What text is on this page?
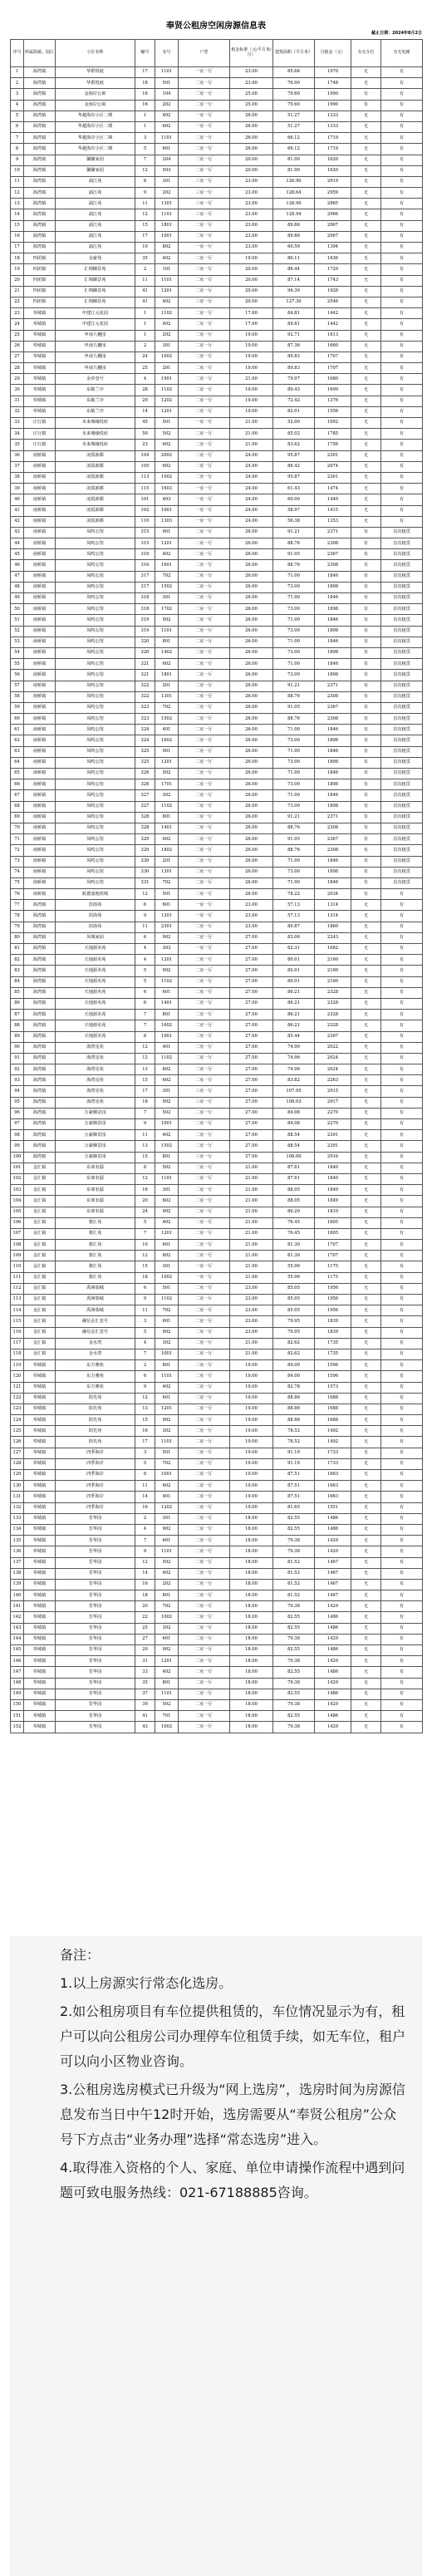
奉贤公租房空闲房源信息表
截止日期：2024年8月2日
序号	所属街镇、园区	小区名称	幢号	室号	户型	租金标准（元/平方米/月）	建筑面积（平方米）	月租金（元）	有无车位	有无电梯
1	海湾镇	华群悦庭	17	1101	一室一厅	23.00	85.68	1970	无	有
2	海湾镇	华群悦庭	18	501	二室一厅	23.00	76.00	1748	无	有
3	海湾镇	金海岸公寓	16	104	二室一厅	25.00	79.60	1990	有	有
4	海湾镇	金海岸公寓	16	202	二室一厅	25.00	79.60	1990	有	有
5	海湾镇	华越海岸小区二期	1	402	一室一厅	26.00	51.27	1333	无	有
6	海湾镇	华越海岸小区二期	1	602	一室一厅	26.00	51.27	1333	无	有
7	海湾镇	华越海岸小区二期	3	1101	二室一厅	26.00	66.12	1719	无	有
8	海湾镇	华越海岸小区二期	5	601	二室一厅	26.00	66.12	1719	无	有
9	海湾镇	馨馨家园	7	204	二室一厅	20.00	81.00	1620	无	有
10	海湾镇	馨馨家园	12	503	二室一厅	20.00	81.00	1620	无	有
11	海湾镇	浦江苑	8	301	三室一厅	23.00	126.90	2919	无	有
12	海湾镇	浦江苑	9	202	三室一厅	23.00	128.64	2959	无	有
13	海湾镇	浦江苑	11	1301	三室一厅	23.00	128.90	2965	无	有
14	海湾镇	浦江苑	12	1101	三室一厅	23.00	128.94	2966	无	有
15	海湾镇	浦江苑	15	1801	二室一厅	23.00	89.86	2067	无	有
16	海湾镇	浦江苑	17	1001	二室一厅	23.00	89.86	2067	无	有
17	海湾镇	浦江苑	19	802	一室一厅	23.00	60.59	1394	无	有
18	四团镇	金豪苑	35	402	二室一厅	19.00	86.11	1636	无	有
19	四团镇	汇锦御景苑	2	101	二室一厅	20.00	86.44	1729	无	有
20	四团镇	汇锦御景苑	11	1101	二室一厅	20.00	87.14	1743	无	有
21	四团镇	汇锦御景苑	41	1201	二室一厅	20.00	96.39	1928	无	有
22	四团镇	汇锦御景苑	41	402	三室一厅	20.00	127.30	2546	无	有
23	奉城镇	申建江元花园	1	1102	二室一厅	17.00	84.81	1442	无	有
24	奉城镇	申建江元花园	1	402	二室一厅	17.00	84.81	1442	无	有
25	奉城镇	申南九樾园	1	202	二室一厅	19.00	92.71	1613	无	有
26	奉城镇	申南九樾园	2	301	二室一厅	19.00	87.36	1660	无	有
27	奉城镇	申南九樾园	24	1002	二室一厅	19.00	89.83	1707	无	有
28	奉城镇	申南九樾园	25	201	二室一厅	19.00	89.83	1707	无	有
29	奉城镇	金帝壹号	4	1901	二室一厅	21.00	79.97	1680	无	有
30	奉城镇	东敏兰亭	28	1102	二室一厅	19.00	89.43	1699	无	有
31	奉城镇	东敏兰亭	29	1202	二室一厅	19.00	72.42	1376	无	有
32	奉城镇	东敏兰亭	14	1201	二室一厅	19.00	82.01	1558	无	有
33	庄行镇	未来城缘悦府	45	501	一室一厅	21.00	52.00	1092	无	有
34	庄行镇	未来城缘悦府	50	502	二室一厅	21.00	85.02	1785	无	有
35	庄行镇	未来城缘悦府	23	602	二室一厅	21.00	83.62	1756	无	有
36	南桥镇	凌霞新都	104	2002	二室一厅	24.00	95.87	2301	无	有
37	南桥镇	凌霞新都	105	602	二室一厅	24.00	86.42	2074	无	有
38	南桥镇	凌霞新都	113	1002	二室一厅	24.00	95.87	2301	无	有
39	南桥镇	凌霞新都	115	1603	一室一厅	24.00	61.43	1474	无	有
40	南桥镇	凌霞新都	101	403	一室一厅	24.00	60.00	1440	无	有
41	南桥镇	凌霞新都	102	1001	一室一厅	24.00	58.97	1415	无	有
42	南桥镇	凌霞新都	110	1303	一室一厅	24.00	56.38	1353	无	有
43	南桥镇	凤鸣公馆	315	901	二室一厅	26.00	91.21	2371	有	首次租赁
44	南桥镇	凤鸣公馆	315	1201	二室一厅	26.00	88.76	2308	有	首次租赁
45	南桥镇	凤鸣公馆	316	402	二室一厅	26.00	91.05	2367	有	首次租赁
46	南桥镇	凤鸣公馆	316	1601	二室一厅	26.00	88.76	2308	有	首次租赁
47	南桥镇	凤鸣公馆	317	702	二室一厅	26.00	71.00	1846	有	首次租赁
48	南桥镇	凤鸣公馆	317	1502	二室一厅	26.00	73.00	1898	有	首次租赁
49	南桥镇	凤鸣公馆	318	301	二室一厅	26.00	71.00	1846	有	首次租赁
50	南桥镇	凤鸣公馆	318	1702	二室一厅	26.00	73.00	1898	有	首次租赁
51	南桥镇	凤鸣公馆	319	502	二室一厅	26.00	71.00	1846	有	首次租赁
52	南桥镇	凤鸣公馆	319	1101	二室一厅	26.00	73.00	1898	有	首次租赁
53	南桥镇	凤鸣公馆	320	801	二室一厅	26.00	71.00	1846	有	首次租赁
54	南桥镇	凤鸣公馆	320	1402	二室一厅	26.00	73.00	1898	有	首次租赁
55	南桥镇	凤鸣公馆	321	602	二室一厅	26.00	71.00	1846	有	首次租赁
56	南桥镇	凤鸣公馆	321	1801	二室一厅	26.00	73.00	1898	有	首次租赁
57	南桥镇	凤鸣公馆	322	201	二室一厅	26.00	91.21	2371	有	首次租赁
58	南桥镇	凤鸣公馆	322	1301	二室一厅	26.00	88.76	2308	有	首次租赁
59	南桥镇	凤鸣公馆	323	702	二室一厅	26.00	91.05	2367	有	首次租赁
60	南桥镇	凤鸣公馆	323	1502	二室一厅	26.00	88.76	2308	有	首次租赁
61	南桥镇	凤鸣公馆	324	401	二室一厅	26.00	71.00	1846	有	首次租赁
62	南桥镇	凤鸣公馆	324	1602	二室一厅	26.00	73.00	1898	有	首次租赁
63	南桥镇	凤鸣公馆	325	901	二室一厅	26.00	71.00	1846	有	首次租赁
64	南桥镇	凤鸣公馆	325	1201	二室一厅	26.00	73.00	1898	有	首次租赁
65	南桥镇	凤鸣公馆	326	502	二室一厅	26.00	71.00	1846	有	首次租赁
66	南桥镇	凤鸣公馆	326	1701	二室一厅	26.00	73.00	1898	有	首次租赁
67	南桥镇	凤鸣公馆	327	302	二室一厅	26.00	71.00	1846	有	首次租赁
68	南桥镇	凤鸣公馆	327	1102	二室一厅	26.00	73.00	1898	有	首次租赁
69	南桥镇	凤鸣公馆	328	801	二室一厅	26.00	91.21	2371	有	首次租赁
70	南桥镇	凤鸣公馆	328	1401	二室一厅	26.00	88.76	2308	有	首次租赁
71	南桥镇	凤鸣公馆	329	602	二室一厅	26.00	91.05	2367	有	首次租赁
72	南桥镇	凤鸣公馆	329	1802	二室一厅	26.00	88.76	2308	有	首次租赁
73	南桥镇	凤鸣公馆	330	201	二室一厅	26.00	71.00	1846	有	首次租赁
74	南桥镇	凤鸣公馆	330	1301	二室一厅	26.00	73.00	1898	有	首次租赁
75	南桥镇	凤鸣公馆	331	702	二室一厅	26.00	71.00	1846	有	首次租赁
76	南桥镇	航德晟地铁城	12	501	二室一厅	26.00	78.22	2034	有	有
77	海湾镇	滨海苑	6	601	一室一厅	23.00	57.13	1314	无	有
78	海湾镇	滨海苑	9	1201	一室一厅	23.00	57.13	1314	无	有
79	海湾镇	滨海苑	11	2301	二室一厅	23.00	80.87	1860	无	有
80	海湾镇	凤城家园	6	902	二室一厅	27.00	83.06	2243	无	有
81	海湾镇	天地源名苑	4	303	一室一厅	27.00	62.31	1682	无	有
82	海湾镇	天地源名苑	4	1201	二室一厅	27.00	80.01	2160	无	有
83	海湾镇	天地源名苑	5	902	二室一厅	27.00	80.01	2160	无	有
84	海湾镇	天地源名苑	5	1102	二室一厅	27.00	80.01	2160	无	有
85	海湾镇	天地源名苑	6	601	二室一厅	27.00	86.21	2328	无	有
86	海湾镇	天地源名苑	6	1401	二室一厅	27.00	86.21	2328	无	有
87	海湾镇	天地源名苑	7	801	二室一厅	27.00	86.21	2328	无	有
88	海湾镇	天地源名苑	7	1602	二室一厅	27.00	86.21	2328	无	有
89	海湾镇	天地源名苑	8	1001	二室一厅	27.00	85.44	2307	无	有
90	海湾镇	海湾星苑	12	401	二室一厅	27.00	74.90	2022	无	有
91	海湾镇	海湾星苑	12	1102	二室一厅	27.00	74.96	2024	无	有
92	海湾镇	海湾星苑	13	802	二室一厅	27.00	74.96	2024	无	有
93	海湾镇	海湾星苑	15	602	二室一厅	27.00	83.82	2263	无	有
94	海湾镇	海湾星苑	17	301	三室一厅	27.00	107.95	2915	无	有
95	海湾镇	海湾星苑	18	902	三室一厅	27.00	108.03	2917	无	有
96	海湾镇	万豪御景园	7	502	二室一厅	27.00	84.08	2270	无	有
97	海湾镇	万豪御景园	9	1001	二室一厅	27.00	84.08	2270	无	有
98	海湾镇	万豪御景园	11	402	二室一厅	27.00	88.54	2391	无	有
99	海湾镇	万豪御景园	13	1502	二室一厅	27.00	88.54	2391	无	有
100	海湾镇	万豪御景园	15	801	三室一厅	27.00	108.00	2916	无	有
101	金汇镇	东郊名邸	8	502	二室一厅	21.00	87.61	1840	无	有
102	金汇镇	东郊名邸	12	1101	二室一厅	21.00	87.61	1840	无	有
103	金汇镇	东郊名邸	16	301	二室一厅	21.00	88.05	1849	无	有
104	金汇镇	东郊名邸	20	602	二室一厅	21.00	88.05	1849	无	有
105	金汇镇	东郊名邸	24	902	二室一厅	21.00	86.20	1810	无	有
106	金汇镇	骏汇苑	5	402	二室一厅	21.00	76.45	1605	无	有
107	金汇镇	骏汇苑	7	1201	二室一厅	21.00	76.45	1605	无	有
108	金汇镇	骏汇苑	10	601	二室一厅	21.00	81.30	1707	无	有
109	金汇镇	骏汇苑	12	802	二室一厅	21.00	81.30	1707	无	有
110	金汇镇	骏汇苑	15	301	一室一厅	21.00	55.96	1175	无	有
111	金汇镇	骏汇苑	18	1002	一室一厅	21.00	55.96	1175	无	有
112	金汇镇	禹洲瑞城	6	501	二室一厅	23.00	85.05	1956	无	有
113	金汇镇	禹洲瑞城	9	1102	二室一厅	23.00	85.05	1956	无	有
114	金汇镇	禹洲瑞城	11	702	二室一厅	23.00	85.05	1956	无	有
115	金汇镇	融信金汇壹号	3	601	二室一厅	23.00	79.95	1839	无	有
116	金汇镇	融信金汇壹号	5	902	二室一厅	23.00	79.95	1839	无	有
117	金汇镇	金水湾	4	302	二室一厅	21.00	82.62	1735	无	有
118	金汇镇	金水湾	7	1001	二室一厅	21.00	82.62	1735	无	有
119	奉城镇	东方雅苑	2	801	二室一厅	19.00	84.00	1596	无	有
120	奉城镇	东方雅苑	6	1101	二室一厅	19.00	84.00	1596	无	有
121	奉城镇	东方雅苑	9	402	二室一厅	19.00	82.78	1573	无	有
122	奉城镇	阳光苑	12	601	二室一厅	19.00	88.86	1688	无	有
123	奉城镇	阳光苑	13	1201	二室一厅	19.00	88.86	1688	无	有
124	奉城镇	阳光苑	15	902	二室一厅	19.00	88.86	1688	无	有
125	奉城镇	阳光苑	16	302	二室一厅	19.00	78.52	1492	无	有
126	奉城镇	阳光苑	17	1101	二室一厅	19.00	78.52	1492	无	有
127	奉城镇	四季海岸	3	501	二室一厅	19.00	91.19	1733	无	有
128	奉城镇	四季海岸	5	702	二室一厅	19.00	91.19	1733	无	有
129	奉城镇	四季海岸	8	1001	二室一厅	19.00	87.51	1663	无	有
130	奉城镇	四季海岸	11	602	二室一厅	19.00	87.51	1663	无	有
131	奉城镇	四季海岸	14	401	二室一厅	19.00	87.51	1663	无	有
132	奉城镇	四季海岸	16	1202	二室一厅	19.00	81.65	1551	无	有
133	奉城镇	晋华园	2	301	二室一厅	18.00	82.55	1486	无	有
134	奉城镇	晋华园	4	902	二室一厅	18.00	82.55	1486	无	有
135	奉城镇	晋华园	7	601	二室一厅	18.00	79.38	1429	无	有
136	奉城镇	晋华园	9	1101	二室一厅	18.00	79.38	1429	无	有
137	奉城镇	晋华园	12	502	二室一厅	18.00	81.52	1467	无	有
138	奉城镇	晋华园	14	402	二室一厅	18.00	81.52	1467	无	有
139	奉城镇	晋华园	16	202	二室一厅	18.00	81.52	1467	无	有
140	奉城镇	晋华园	18	801	二室一厅	18.00	81.52	1467	无	有
141	奉城镇	晋华园	20	702	二室一厅	18.00	79.38	1429	无	有
142	奉城镇	晋华园	22	1002	二室一厅	18.00	82.55	1486	无	有
143	奉城镇	晋华园	25	302	二室一厅	18.00	82.55	1486	无	有
144	奉城镇	晋华园	27	601	二室一厅	18.00	79.38	1429	无	有
145	奉城镇	晋华园	29	902	二室一厅	18.00	82.55	1486	无	有
146	奉城镇	晋华园	31	1201	二室一厅	18.00	79.38	1429	无	有
147	奉城镇	晋华园	33	402	二室一厅	18.00	82.55	1486	无	有
148	奉城镇	晋华园	35	801	二室一厅	18.00	79.38	1429	无	有
149	奉城镇	晋华园	37	1101	二室一厅	18.00	82.55	1486	无	有
150	奉城镇	晋华园	39	502	二室一厅	18.00	79.38	1429	无	有
151	奉城镇	晋华园	41	701	二室一厅	18.00	82.55	1486	无	有
152	奉城镇	晋华园	43	1002	二室一厅	18.00	79.38	1429	无	有
备注：
1.以上房源实行常态化选房。
2.如公租房项目有车位提供租赁的，车位情况显示为有，租户可以向公租房公司办理停车位租赁手续，如无车位，租户可以向小区物业咨询。
3.公租房选房模式已升级为“网上选房”，选房时间为房源信息发布当日中午12时开始，选房需要从“奉贤公租房”公众号下方点击“业务办理”选择“常态选房”进入。
4.取得准入资格的个人、家庭、单位申请操作流程中遇到问题可致电服务热线：021-67188885咨询。
